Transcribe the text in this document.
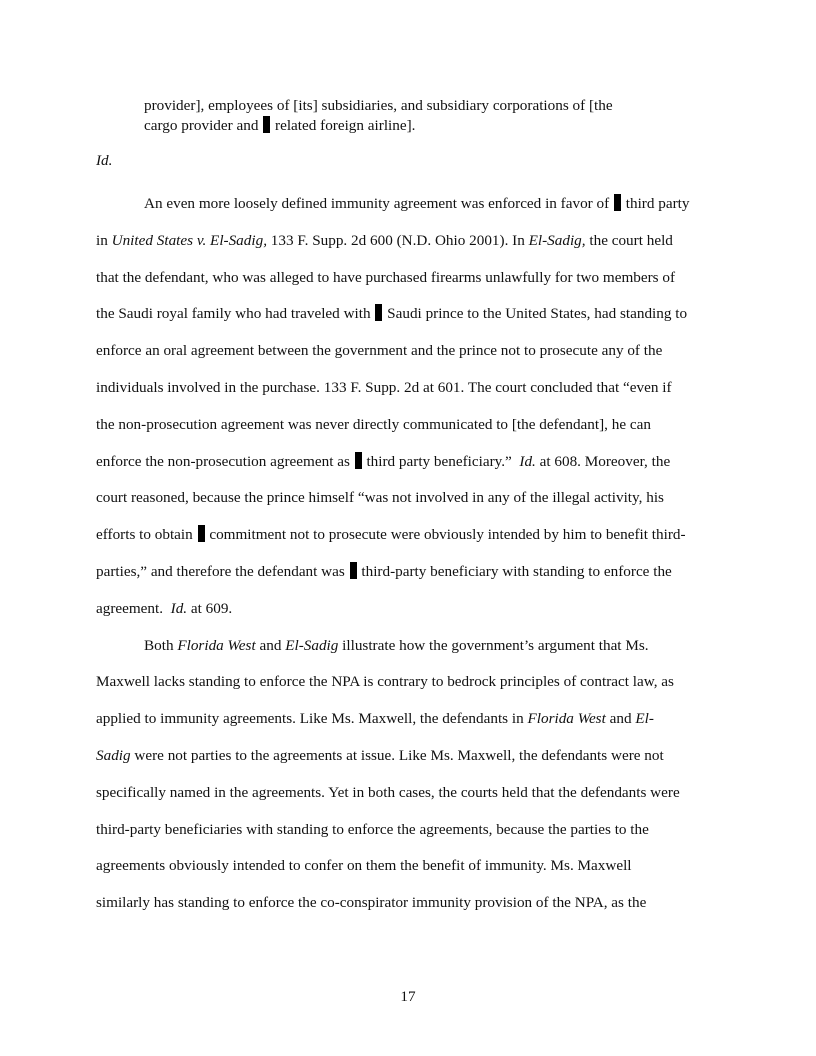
provider], employees of [its] subsidiaries, and subsidiary corporations of [the
cargo provider and related foreign airline].
Id.

An even more loosely defined immunity agreement was enforced in favor of third party
in United States v. El-Sadig, 133 F. Supp. 2d 600 (N.D. Ohio 2001). In El-Sadig, the court held
that the defendant, who was alleged to have purchased firearms unlawfully for two members of
the Saudi royal family who had traveled with Saudi prince to the United States, had standing to
enforce an oral agreement between the government and the prince not to prosecute any of the
individuals involved in the purchase. 133 F. Supp. 2d at 601. The court concluded that “even if
the non-prosecution agreement was never directly communicated to [the defendant], he can
enforce the non-prosecution agreement as third party beneficiary.” Id. at 608. Moreover, the
court reasoned, because the prince himself “was not involved in any of the illegal activity, his
efforts to obtain commitment not to prosecute were obviously intended by him to benefit third-
parties,” and therefore the defendant was third-party beneficiary with standing to enforce the
agreement. Id. at 609.

Both Florida West and El-Sadig illustrate how the government’s argument that Ms.
Maxwell lacks standing to enforce the NPA is contrary to bedrock principles of contract law, as
applied to immunity agreements. Like Ms. Maxwell, the defendants in Florida West and El-
Sadig were not parties to the agreements at issue. Like Ms. Maxwell, the defendants were not
specifically named in the agreements. Yet in both cases, the courts held that the defendants were
third-party beneficiaries with standing to enforce the agreements, because the parties to the
agreements obviously intended to confer on them the benefit of immunity. Ms. Maxwell
similarly has standing to enforce the co-conspirator immunity provision of the NPA, as the

17
